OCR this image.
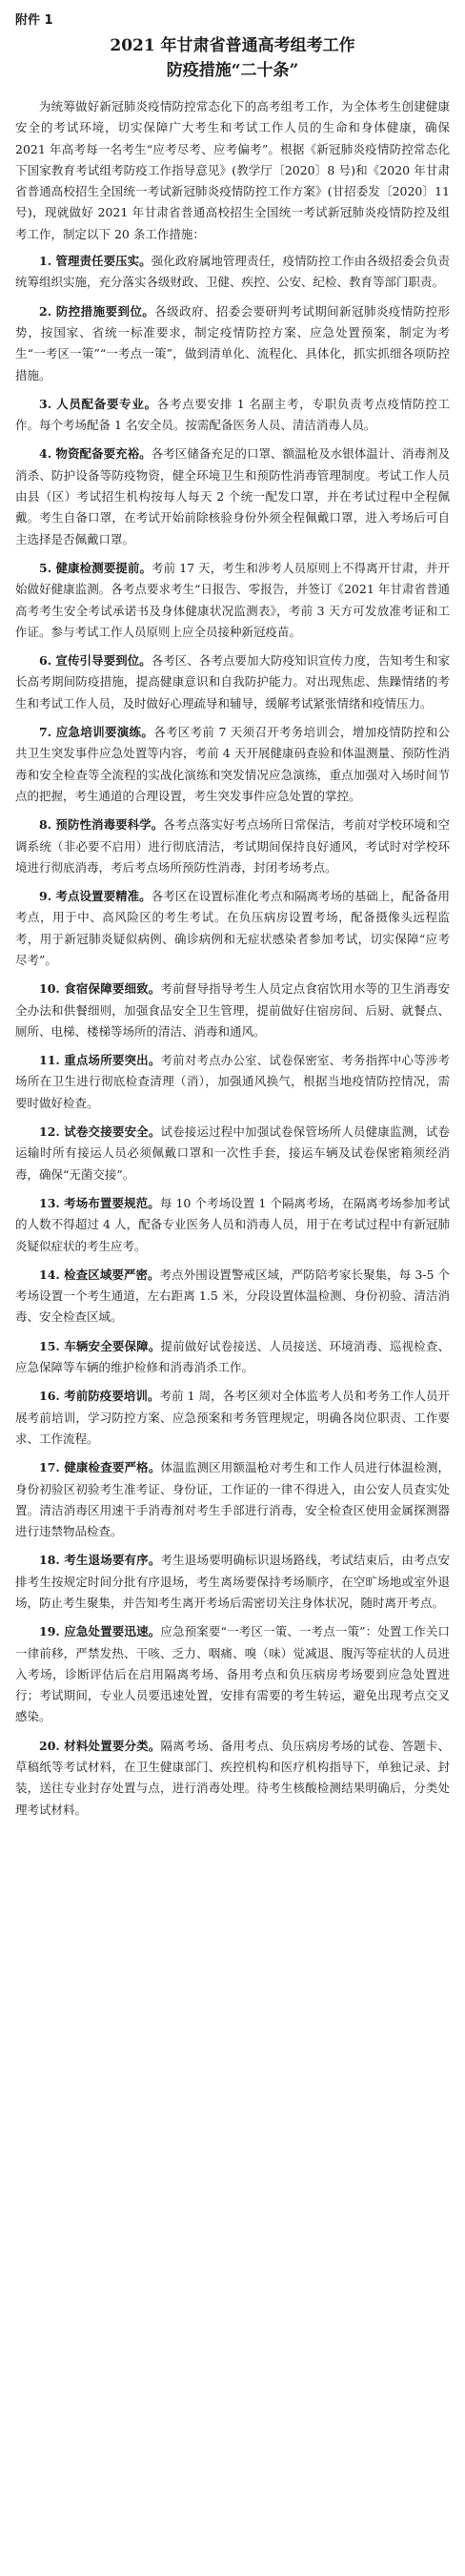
附件 1
2021 年甘肃省普通高考组考工作
防疫措施“二十条”

为统筹做好新冠肺炎疫情防控常态化下的高考组考工作，为全体考生创建健康安全的考试环境，切实保障广大考生和考试工作人员的生命和身体健康，确保 2021 年高考每一名考生“应考尽考、应考偏考”。根据《新冠肺炎疫情防控常态化下国家教育考试组考防疫工作指导意见》(教学厅〔2020〕8 号)和《2020 年甘肃省普通高校招生全国统一考试新冠肺炎疫情防控工作方案》(甘招委发〔2020〕11 号)，现就做好 2021 年甘肃省普通高校招生全国统一考试新冠肺炎疫情防控及组考工作，制定以下 20 条工作措施：

1. 管理责任要压实。强化政府属地管理责任，疫情防控工作由各级招委会负责统筹组织实施，充分落实各级财政、卫健、疾控、公安、纪检、教育等部门职责。

2. 防控措施要到位。各级政府、招委会要研判考试期间新冠肺炎疫情防控形势，按国家、省统一标准要求，制定疫情防控方案、应急处置预案，制定为考生“一考区一策”“一考点一策”，做到清单化、流程化、具体化，抓实抓细各项防控措施。

3. 人员配备要专业。各考点要安排 1 名副主考，专职负责考点疫情防控工作。每个考场配备 1 名安全员。按需配备医务人员、清洁消毒人员。

4. 物资配备要充裕。各考区储备充足的口罩、额温枪及水银体温计、消毒剂及消杀、防护设备等防疫物资，健全环境卫生和预防性消毒管理制度。考试工作人员由县（区）考试招生机构按每人每天 2 个统一配发口罩，并在考试过程中全程佩戴。考生自备口罩，在考试开始前除核验身份外须全程佩戴口罩，进入考场后可自主选择是否佩戴口罩。

5. 健康检测要提前。考前 17 天，考生和涉考人员原则上不得离开甘肃，并开始做好健康监测。各考点要求考生“日报告、零报告，并签订《2021 年甘肃省普通高考考生安全考试承诺书及身体健康状况监测表》，考前 3 天方可发放准考证和工作证。参与考试工作人员原则上应全员接种新冠疫苗。

6. 宣传引导要到位。各考区、各考点要加大防疫知识宣传力度，告知考生和家长高考期间防疫措施，提高健康意识和自我防护能力。对出现焦虑、焦躁情绪的考生和考试工作人员，及时做好心理疏导和辅导，缓解考试紧张情绪和疫情压力。

7. 应急培训要演练。各考区考前 7 天须召开考务培训会，增加疫情防控和公共卫生突发事件应急处置等内容，考前 4 天开展健康码查验和体温测量、预防性消毒和安全检查等全流程的实战化演练和突发情况应急演练，重点加强对入场时间节点的把握，考生通道的合理设置，考生突发事件应急处置的掌控。

8. 预防性消毒要科学。各考点落实好考点场所日常保洁，考前对学校环境和空调系统（非必要不启用）进行彻底清洁，考试期间保持良好通风，考试时对学校环境进行彻底消毒，考后考点场所预防性消毒，封闭考场考点。

9. 考点设置要精准。各考区在设置标准化考点和隔离考场的基础上，配备备用考点，用于中、高风险区的考生考试。在负压病房设置考场，配备摄像头远程监考，用于新冠肺炎疑似病例、确诊病例和无症状感染者参加考试，切实保障“应考尽考”。

10. 食宿保障要细致。考前督导指导考生人员定点食宿饮用水等的卫生消毒安全办法和供餐细则，加强食品安全卫生管理，提前做好住宿房间、后厨、就餐点、厕所、电梯、楼梯等场所的清洁、消毒和通风。

11. 重点场所要突出。考前对考点办公室、试卷保密室、考务指挥中心等涉考场所在卫生进行彻底检查清理（消），加强通风换气，根据当地疫情防控情况，需要时做好检查。

12. 试卷交接要安全。试卷接运过程中加强试卷保管场所人员健康监测，试卷运输时所有接运人员必须佩戴口罩和一次性手套，接运车辆及试卷保密箱须经消毒，确保“无菌交接”。

13. 考场布置要规范。每 10 个考场设置 1 个隔离考场，在隔离考场参加考试的人数不得超过 4 人，配备专业医务人员和消毒人员，用于在考试过程中有新冠肺炎疑似症状的考生应考。

14. 检查区域要严密。考点外围设置警戒区域，严防陪考家长聚集，每 3-5 个考场设置一个考生通道，左右距离 1.5 米，分段设置体温检测、身份初验、清洁消毒、安全检查区域。

15. 车辆安全要保障。提前做好试卷接送、人员接送、环境消毒、巡视检查、应急保障等车辆的维护检修和消毒消杀工作。

16. 考前防疫要培训。考前 1 周，各考区须对全体监考人员和考务工作人员开展考前培训，学习防控方案、应急预案和考务管理规定，明确各岗位职责、工作要求、工作流程。

17. 健康检查要严格。体温监测区用额温枪对考生和工作人员进行体温检测，身份初验区初验考生准考证、身份证，工作证的一律不得进入，由公安人员查实处置。清洁消毒区用速干手消毒剂对考生手部进行消毒，安全检查区使用金属探测器进行违禁物品检查。

18. 考生退场要有序。考生退场要明确标识退场路线，考试结束后，由考点安排考生按规定时间分批有序退场，考生离场要保持考场顺序，在空旷场地或室外退场，防止考生聚集，并告知考生离开考场后需密切关注身体状况，随时离开考点。

19. 应急处置要迅速。应急预案要“一考区一策、一考点一策”：处置工作关口一律前移，严禁发热、干咳、乏力、咽痛、嗅（味）觉减退、腹泻等症状的人员进入考场，诊断评估后在启用隔离考场、备用考点和负压病房考场要到应急处置进行；考试期间，专业人员要迅速处置，安排有需要的考生转运，避免出现考点交叉感染。

20. 材料处置要分类。隔离考场、备用考点、负压病房考场的试卷、答题卡、草稿纸等考试材料，在卫生健康部门、疾控机构和医疗机构指导下，单独记录、封装，送往专业封存处置与点，进行消毒处理。待考生核酸检测结果明确后，分类处理考试材料。
